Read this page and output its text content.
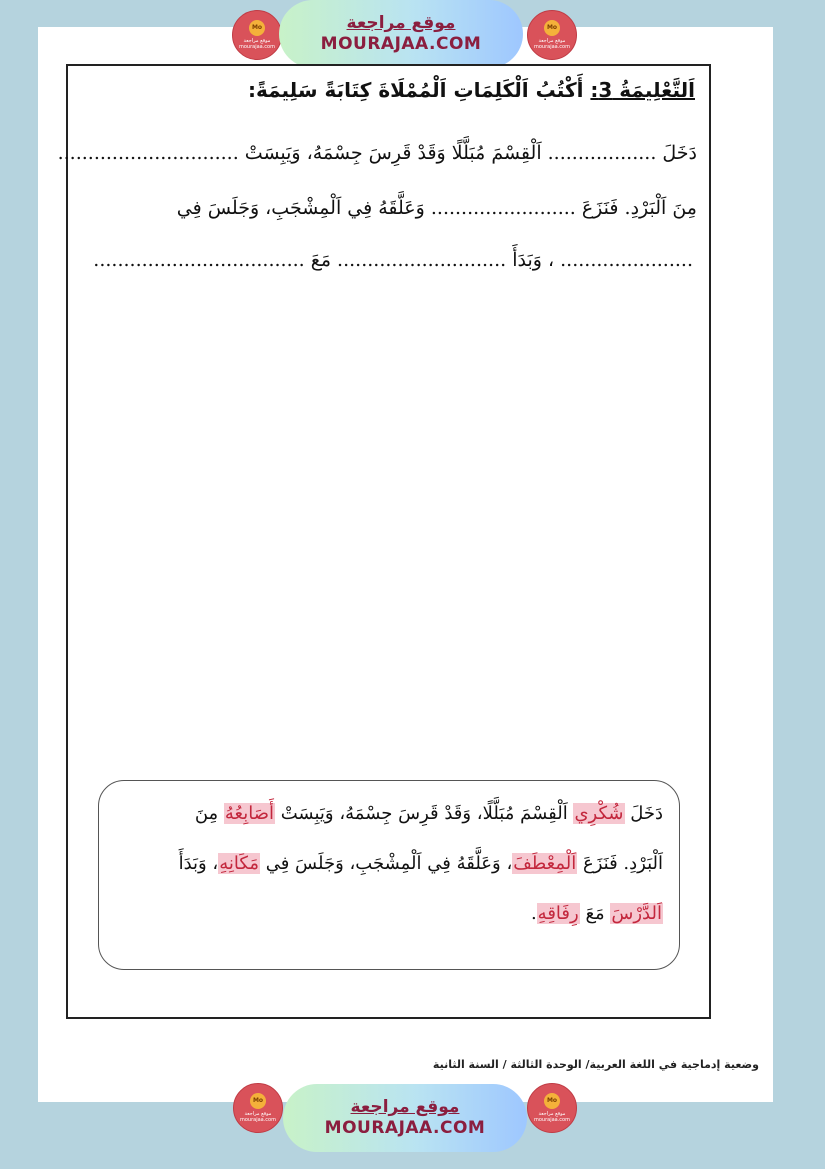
Mo
موقع مراجعة mourajaa.com
موقع مراجعة
MOURAJAA.COM
Mo
موقع مراجعة mourajaa.com
اَلتَّعْلِيمَةُ 3: أَكْتُبُ اَلْكَلِمَاتِ اَلْمُمْلَاةَ كِتَابَةً سَلِيمَةً:
دَخَلَ .................. اَلْقِسْمَ مُبَلَّلًا وَقَدْ قَرِسَ جِسْمَهُ، وَيَبِسَتْ ..............................
مِنَ اَلْبَرْدِ. فَنَزَعَ ........................ وَعَلَّقَهُ فِي اَلْمِشْجَبِ، وَجَلَسَ فِي
...................... ، وَبَدَأَ ............................ مَعَ ...................................
دَخَلَ شُكْرِي اَلْقِسْمَ مُبَلَّلًا، وَقَدْ قَرِسَ جِسْمَهُ، وَيَبِسَتْ أَصَابِعُهُ مِنَ
اَلْبَرْدِ. فَنَزَعَ اَلْمِعْطَفَ، وَعَلَّقَهُ فِي اَلْمِشْجَبِ، وَجَلَسَ فِي مَكَانِهِ، وَبَدَأَ
اَلدَّرْسَ مَعَ رِفَاقِهِ.
وضعية إدماجية في اللغة العربية/ الوحدة الثالثة / السنة الثانية
Mo
موقع مراجعة mourajaa.com
موقع مراجعة
MOURAJAA.COM
Mo
موقع مراجعة mourajaa.com
